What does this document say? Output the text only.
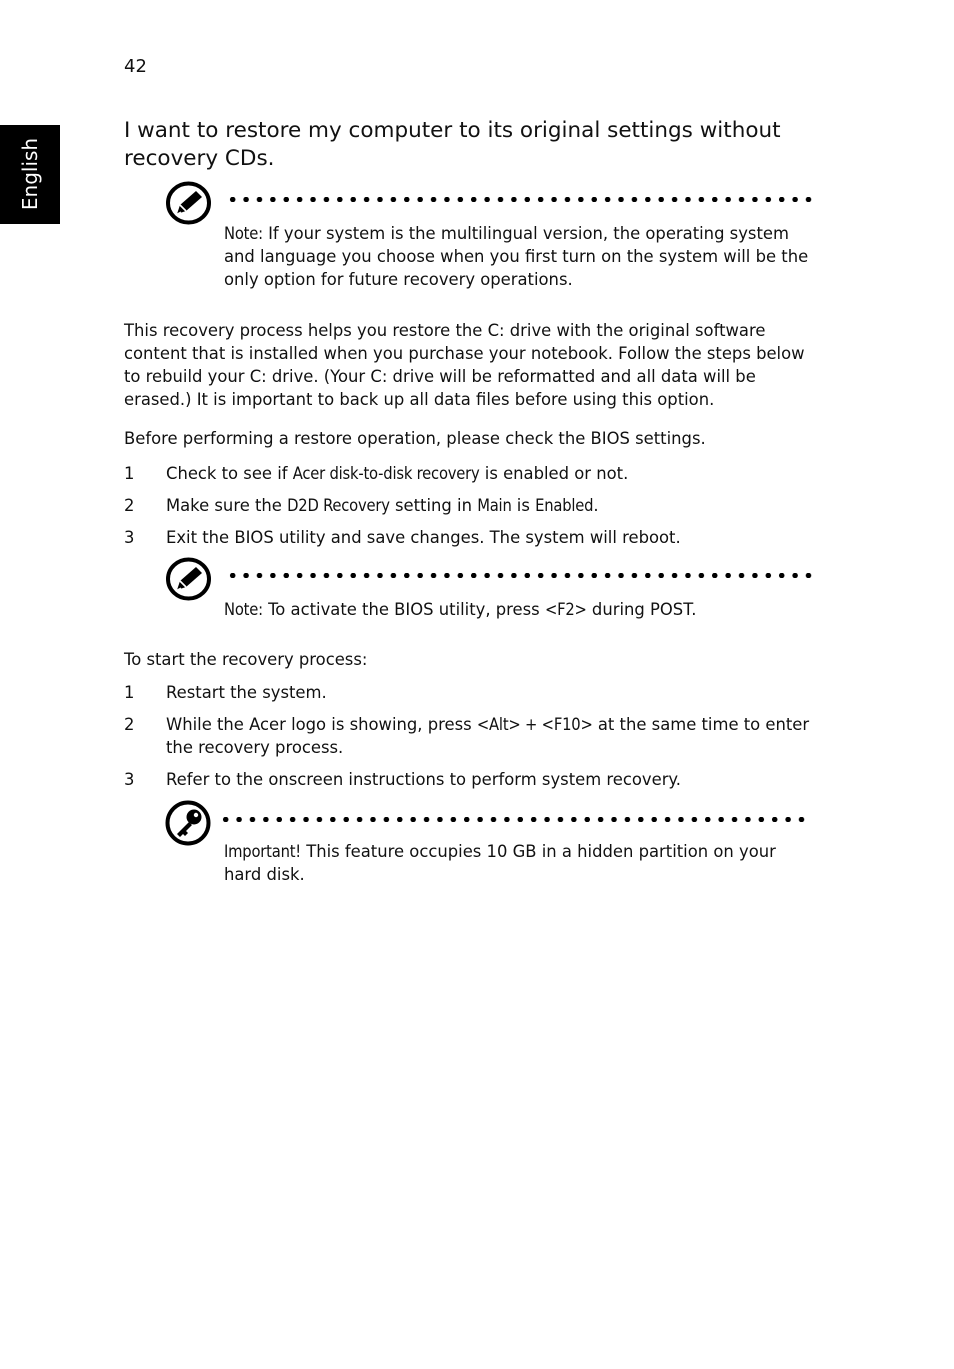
42
English
I want to restore my computer to its original settings without recovery CDs.
Note: If your system is the multilingual version, the operating system and language you choose when you first turn on the system will be the only option for future recovery operations.

This recovery process helps you restore the C: drive with the original software content that is installed when you purchase your notebook. Follow the steps below to rebuild your C: drive. (Your C: drive will be reformatted and all data will be erased.) It is important to back up all data files before using this option.

Before performing a restore operation, please check the BIOS settings.

1 Check to see if Acer disk-to-disk recovery is enabled or not.
2 Make sure the D2D Recovery setting in Main is Enabled.
3 Exit the BIOS utility and save changes. The system will reboot.
Note: To activate the BIOS utility, press <F2> during POST.

To start the recovery process:

1 Restart the system.
2 While the Acer logo is showing, press <Alt> + <F10> at the same time to enter the recovery process.
3 Refer to the onscreen instructions to perform system recovery.
Important! This feature occupies 10 GB in a hidden partition on your hard disk.
